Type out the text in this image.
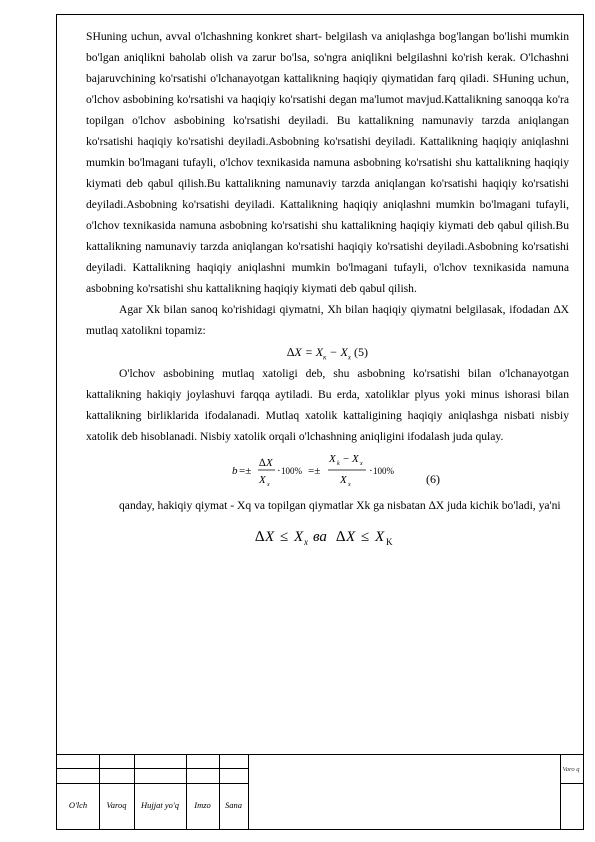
SHuning uchun, avval o'lchashning konkret shart- belgilash va aniqlashga bog'langan bo'lishi mumkin bo'lgan aniqlikni baholab olish va zarur bo'lsa, so'ngra aniqlikni belgilashni ko'rish kerak. O'lchashni bajaruvchining ko'rsatishi o'lchanayotgan kattalikning haqiqiy qiymatidan farq qiladi. SHuning uchun, o'lchov asbobining ko'rsatishi va haqiqiy ko'rsatishi degan ma'lumot mavjud.Kattalikning sanoqqa ko'ra topilgan o'lchov asbobining ko'rsatishi deyiladi. Bu kattalikning namunaviy tarzda aniqlangan ko'rsatishi haqiqiy ko'rsatishi deyiladi.Asbobning ko'rsatishi deyiladi. Kattalikning haqiqiy aniqlashni mumkin bo'lmagani tufayli, o'lchov texnikasida namuna asbobning ko'rsatishi shu kattalikning haqiqiy kiymati deb qabul qilish.Bu kattalikning namunaviy tarzda aniqlangan ko'rsatishi haqiqiy ko'rsatishi deyiladi.Asbobning ko'rsatishi deyiladi. Kattalikning haqiqiy aniqlashni mumkin bo'lmagani tufayli, o'lchov texnikasida namuna asbobning ko'rsatishi shu kattalikning haqiqiy kiymati deb qabul qilish.Bu kattalikning namunaviy tarzda aniqlangan ko'rsatishi haqiqiy ko'rsatishi deyiladi.Asbobning ko'rsatishi deyiladi. Kattalikning haqiqiy aniqlashni mumkin bo'lmagani tufayli, o'lchov texnikasida namuna asbobning ko'rsatishi shu kattalikning haqiqiy kiymati deb qabul qilish.

Agar Xk bilan sanoq ko'rishidagi qiymatni, Xh bilan haqiqiy qiymatni belgilasak, ifodadan ∆X mutlaq xatolikni topamiz:

$\Delta X = X_к - X_х$ (5)

O'lchov asbobining mutlaq xatoligi deb, shu asbobning ko'rsatishi bilan o'lchanayotgan kattalikning hakiqiy joylashuvi farqqa aytiladi. Bu erda, xatoliklar plyus yoki minus ishorasi bilan kattalikning birliklarida ifodalanadi. Mutlaq xatolik kattaligining haqiqiy aniqlashga nisbati nisbiy xatolik deb hisoblanadi. Nisbiy xatolik orqali o'lchashning aniqligini ifodalash juda qulay.

b =±
∆ X
X х
· 100% =±
X k − X х
X х
· 100%
(6)

qanday, hakiqiy qiymat - Xq va topilgan qiymatlar Xk ga nisbatan ∆X juda kichik bo'ladi, ya'ni

∆ X ≤ X х ва ∆ X ≤ X K
O'lch	Varoq	Hujjat yo'q	Imzo	Sana
Varo q
